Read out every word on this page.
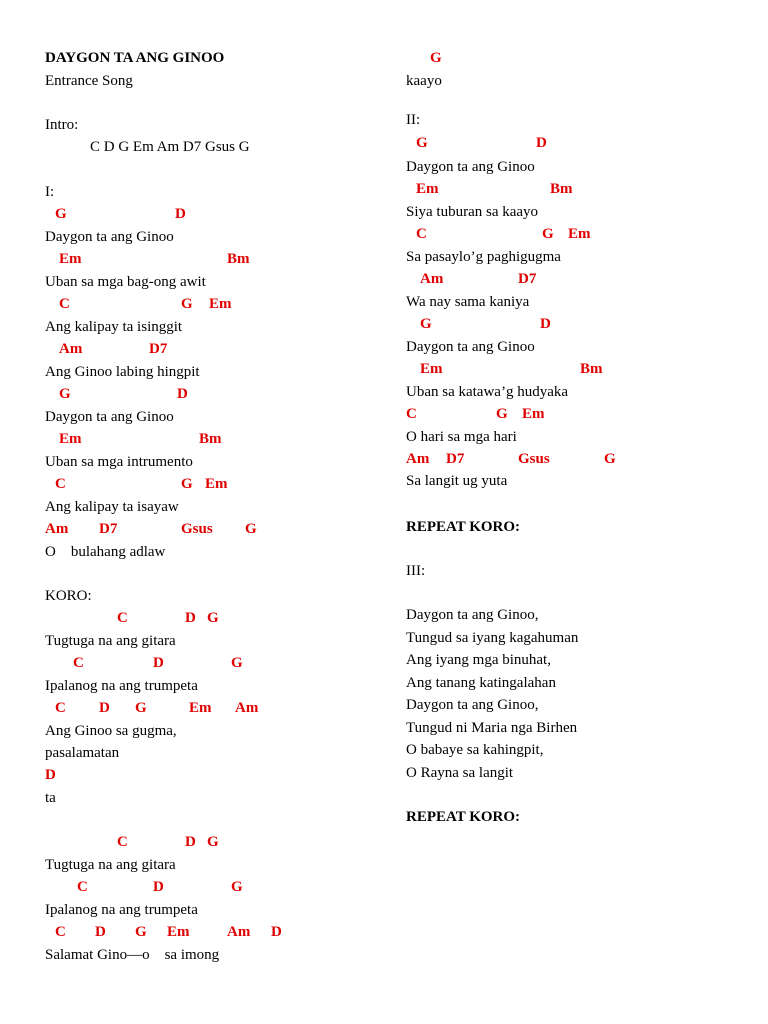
DAYGON TA ANG GINOO
Entrance Song
Intro:
C D G Em Am D7 Gsus G
I:
G	D
Daygon ta ang Ginoo
Em	Bm
Uban sa mga bag-ong awit
C	G Em
Ang kalipay ta isinggit
Am	D7
Ang Ginoo labing hingpit
G	D
Daygon ta ang Ginoo
Em	Bm
Uban sa mga intrumento
C	G Em
Ang kalipay ta isayaw
Am D7	Gsus G
O    bulahang adlaw
KORO:
C	D G
Tugtuga na ang gitara
C	D	G
Ipalanog na ang trumpeta
C D G	Em Am
Ang Ginoo sa gugma,
pasalamatan
D
ta
C	D G
Tugtuga na ang gitara
C	D	G
Ipalanog na ang trumpeta
C D G Em	Am D
Salamat Gino—o    sa imong
G
kaayo
II:
G	D
Daygon ta ang Ginoo
Em	Bm
Siya tuburan sa kaayo
C	G Em
Sa pasaylo’g paghigugma
Am	D7
Wa nay sama kaniya
G	D
Daygon ta ang Ginoo
Em	Bm
Uban sa katawa’g hudyaka
C	G Em
O hari sa mga hari
Am D7	Gsus	G
Sa langit ug yuta
REPEAT KORO:
III:
Daygon ta ang Ginoo,
Tungud sa iyang kagahuman
Ang iyang mga binuhat,
Ang tanang katingalahan
Daygon ta ang Ginoo,
Tungud ni Maria nga Birhen
O babaye sa kahingpit,
O Rayna sa langit
REPEAT KORO:
